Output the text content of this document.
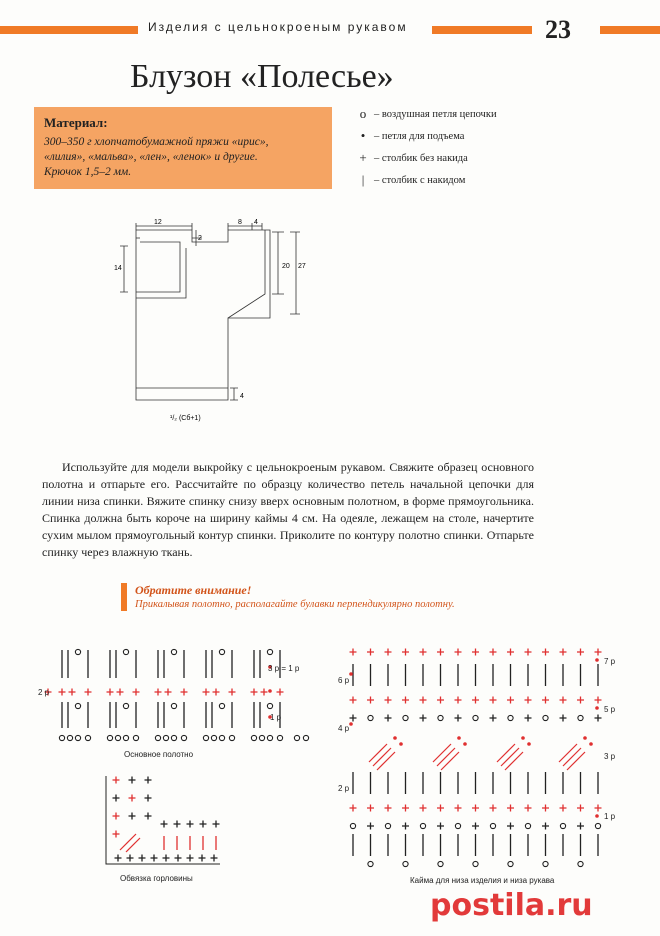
Изделия с цельнокроеным рукавом	23
Блузон «Полесье»
Материал:
300–350 г хлопчатобумажной пряжи «ирис»,
«лилия», «мальва», «лен», «ленок» и другие.
Крючок 1,5–2 мм.
o – воздушная петля цепочки
• – петля для подъема
+ – столбик без накида
| – столбик с накидом
12	8 4
2
14	20 27
4
¹/₂ (Сб+1)
Используйте для модели выкройку с цельнокроеным рукавом. Свяжите образец основного полотна и отпарьте его. Рассчитайте по образцу количество петель начальной цепочки для линии низа спинки. Вяжите спинку снизу вверх основным полотном, в форме прямоугольника. Спинка должна быть короче на ширину каймы 4 см. На одеяле, лежащем на столе, начертите сухим мылом прямоугольный контур спинки. Приколите по контуру полотно спинки. Отпарьте спинку через влажную ткань.
Обратите внимание!
Прикалывая полотно, располагайте булавки перпендикулярно полотну.
3 р = 1 р
2 р
1 р
Основное полотно
Обвязка горловины
6 р
4 р
2 р
7 р
5 р
3 р
1 р
Кайма для низа изделия и низа рукава
postila.ru
